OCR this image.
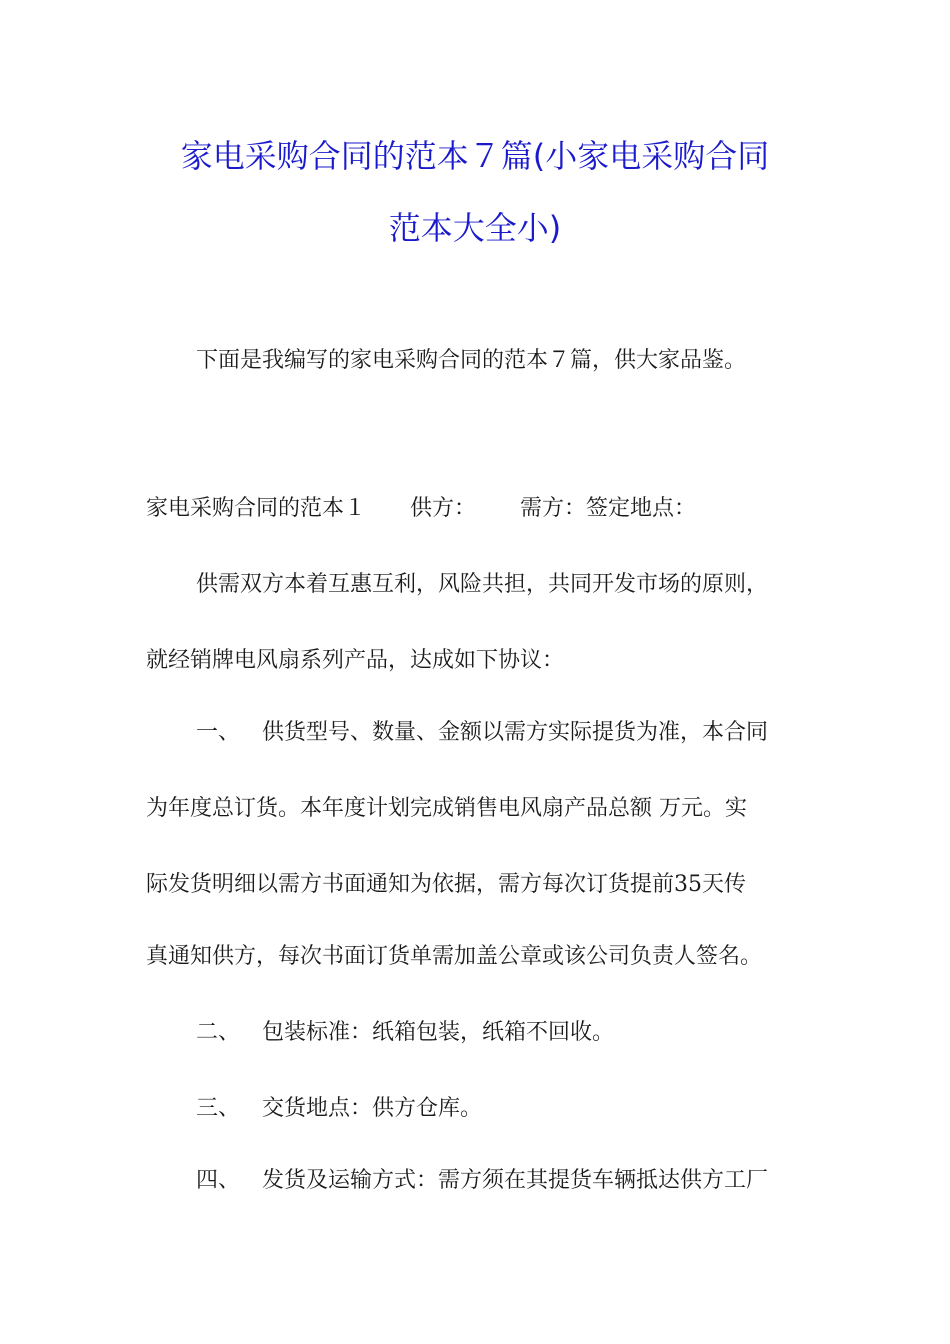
家电采购合同的范本７篇(小家电采购合同
范本大全小)
下面是我编写的家电采购合同的范本７篇，供大家品鉴。
家电采购合同的范本１ 供方： 需方：签定地点：
供需双方本着互惠互利，风险共担，共同开发市场的原则，
就经销牌电风扇系列产品，达成如下协议：
一、 供货型号、数量、金额以需方实际提货为准，本合同
为年度总订货。本年度计划完成销售电风扇产品总额 万元。实
际发货明细以需方书面通知为依据，需方每次订货提前35天传
真通知供方，每次书面订货单需加盖公章或该公司负责人签名。
二、 包装标准：纸箱包装，纸箱不回收。
三、 交货地点：供方仓库。
四、 发货及运输方式：需方须在其提货车辆抵达供方工厂
